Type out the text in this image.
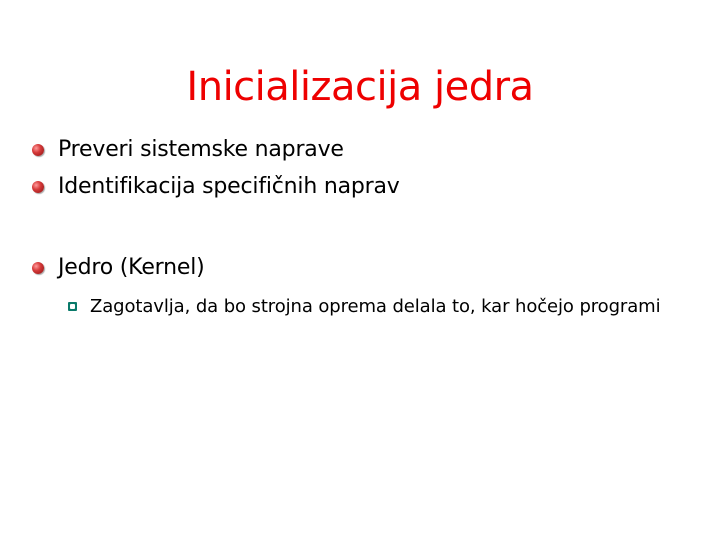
Inicializacija jedra
Preveri sistemske naprave
Identifikacija specifičnih naprav
Jedro (Kernel)
Zagotavlja, da bo strojna oprema delala to, kar hočejo programi
